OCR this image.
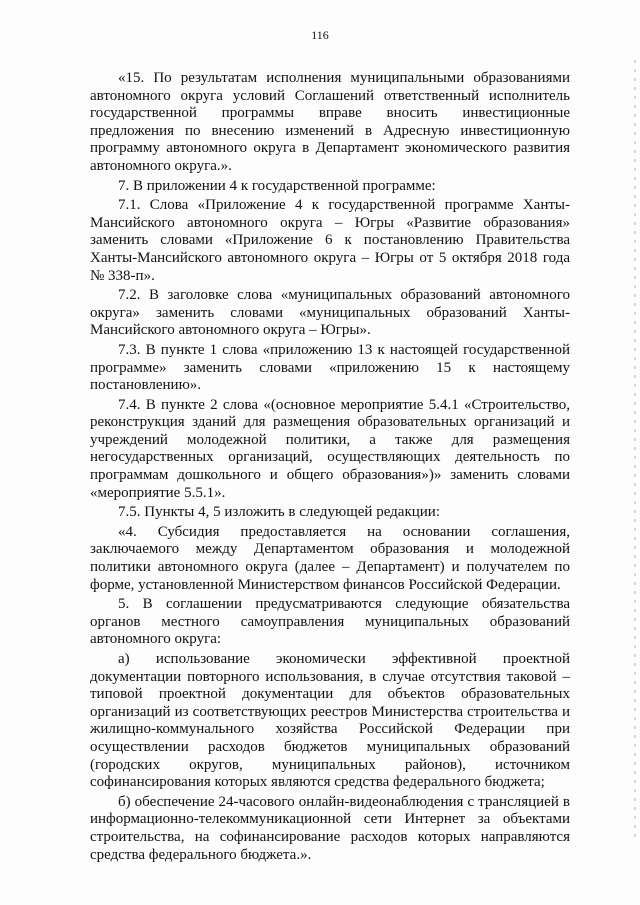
116

«15. По результатам исполнения муниципальными образованиями автономного округа условий Соглашений ответственный исполнитель государственной программы вправе вносить инвестиционные предложения по внесению изменений в Адресную инвестиционную программу автономного округа в Департамент экономического развития автономного округа.».

7. В приложении 4 к государственной программе:

7.1. Слова «Приложение 4 к государственной программе Ханты-Мансийского автономного округа – Югры «Развитие образования» заменить словами «Приложение 6 к постановлению Правительства Ханты-Мансийского автономного округа – Югры от 5 октября 2018 года № 338-п».

7.2. В заголовке слова «муниципальных образований автономного округа» заменить словами «муниципальных образований Ханты-Мансийского автономного округа – Югры».

7.3. В пункте 1 слова «приложению 13 к настоящей государственной программе» заменить словами «приложению 15 к настоящему постановлению».

7.4. В пункте 2 слова «(основное мероприятие 5.4.1 «Строительство, реконструкция зданий для размещения образовательных организаций и учреждений молодежной политики, а также для размещения негосударственных организаций, осуществляющих деятельность по программам дошкольного и общего образования»)» заменить словами «мероприятие 5.5.1».

7.5. Пункты 4, 5 изложить в следующей редакции:

«4. Субсидия предоставляется на основании соглашения, заключаемого между Департаментом образования и молодежной политики автономного округа (далее – Департамент) и получателем по форме, установленной Министерством финансов Российской Федерации.

5. В соглашении предусматриваются следующие обязательства органов местного самоуправления муниципальных образований автономного округа:

а) использование экономически эффективной проектной документации повторного использования, в случае отсутствия таковой – типовой проектной документации для объектов образовательных организаций из соответствующих реестров Министерства строительства и жилищно-коммунального хозяйства Российской Федерации при осуществлении расходов бюджетов муниципальных образований (городских округов, муниципальных районов), источником софинансирования которых являются средства федерального бюджета;

б) обеспечение 24-часового онлайн-видеонаблюдения с трансляцией в информационно-телекоммуникационной сети Интернет за объектами строительства, на софинансирование расходов которых направляются средства федерального бюджета.».
